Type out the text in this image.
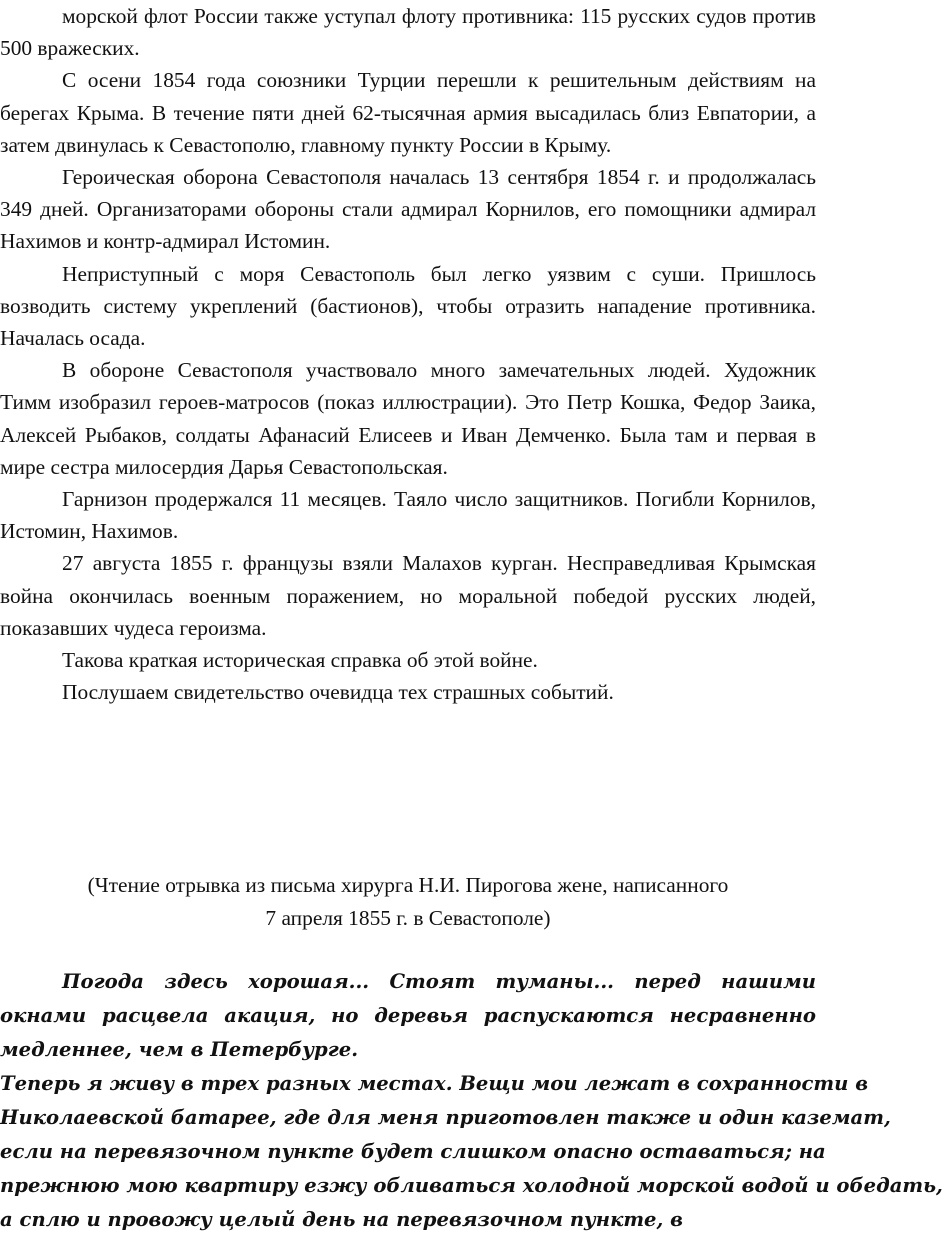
морской флот России также уступал флоту противника: 115 русских судов против 500 вражеских.

С осени 1854 года союзники Турции перешли к решительным действиям на берегах Крыма. В течение пяти дней 62-тысячная армия высадилась близ Евпатории, а затем двинулась к Севастополю, главному пункту России в Крыму.

Героическая оборона Севастополя началась 13 сентября 1854 г. и продолжалась 349 дней. Организаторами обороны стали адмирал Корнилов, его помощники адмирал Нахимов и контр-адмирал Истомин.

Неприступный с моря Севастополь был легко уязвим с суши. Пришлось возводить систему укреплений (бастионов), чтобы отразить нападение противника. Началась осада.

В обороне Севастополя участвовало много замечательных людей. Художник Тимм изобразил героев-матросов (показ иллюстрации). Это Петр Кошка, Федор Заика, Алексей Рыбаков, солдаты Афанасий Елисеев и Иван Демченко. Была там и первая в мире сестра милосердия Дарья Севастопольская.

Гарнизон продержался 11 месяцев. Таяло число защитников. Погибли Корнилов, Истомин, Нахимов.

27 августа 1855 г. французы взяли Малахов курган. Несправедливая Крымская война окончилась военным поражением, но моральной победой русских людей, показавших чудеса героизма.

Такова краткая историческая справка об этой войне.

Послушаем свидетельство очевидца тех страшных событий.

(Чтение отрывка из письма хирурга Н.И. Пирогова жене, написанного
7 апреля 1855 г. в Севастополе)

Погода здесь хорошая... Стоят туманы... перед нашими окнами расцвела акация, но деревья распускаются несравненно медленнее, чем в Петербурге.

Теперь я живу в трех разных местах. Вещи мои лежат в сохранности в

Николаевской батарее, где для меня приготовлен также и один каземат,

если на перевязочном пункте будет слишком опасно оставаться; на

прежнюю мою квартиру езжу обливаться холодной морской водой и обедать,

а сплю и провожу целый день на перевязочном пункте, в
